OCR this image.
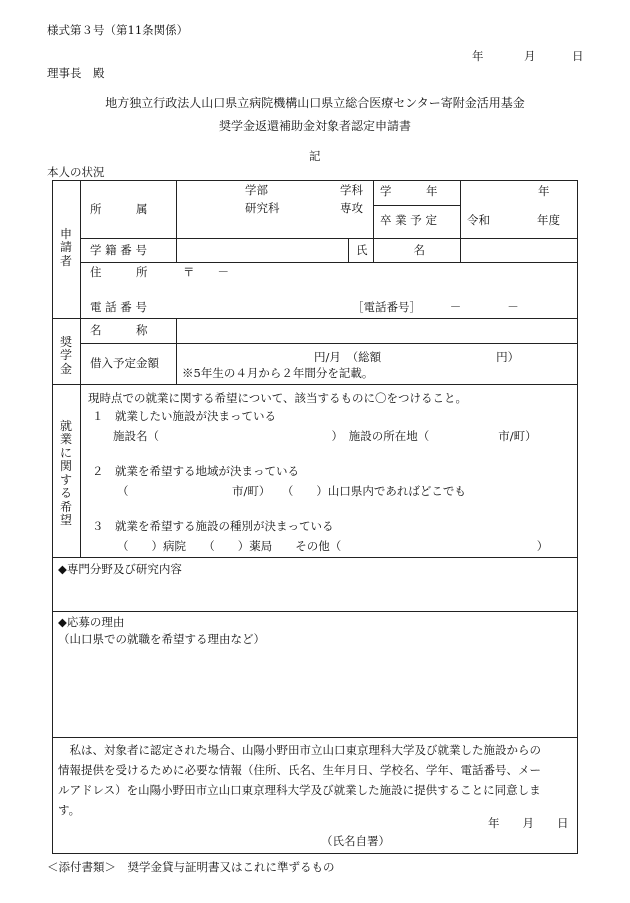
様式第３号（第11条関係）
年	月	日
理事長　殿
地方独立行政法人山口県立病院機構山口県立総合医療センター寄附金活用基金
奨学金返還補助金対象者認定申請書
記
本人の状況
申請者
所　　　属
学部	学科
研究科	専攻
学　　　年	年
卒 業 予 定	令和	年度
学 籍 番 号	氏　　　　名
住　　　所	〒　　－
電 話 番 号	［電話番号］　　　－　　　　－
奨学金
名　　　称
借入予定金額	円/月　（総額　　　　　　　　　　円）
※5年生の４月から２年間分を記載。
就業に関する希望
現時点での就業に関する希望について、該当するものに〇をつけること。
１　就業したい施設が決まっている
施設名（　　　　　　　　　　　　　　　）　施設の所在地（　　　　　　市/町）
２　就業を希望する地域が決まっている
（　　　　　　　　　市/町）　　（　　）山口県内であればどこでも
３　就業を希望する施設の種別が決まっている
（　　）病院　　（　　）薬局　　その他（　　　　　　　　　　　　　　　　　）
◆専門分野及び研究内容
◆応募の理由
（山口県での就職を希望する理由など）
　私は、対象者に認定された場合、山陽小野田市立山口東京理科大学及び就業した施設からの
情報提供を受けるために必要な情報（住所、氏名、生年月日、学校名、学年、電話番号、メー
ルアドレス）を山陽小野田市立山口東京理科大学及び就業した施設に提供することに同意しま
す。
年　　月　　日
（氏名自署）
＜添付書類＞　奨学金貸与証明書又はこれに準ずるもの
